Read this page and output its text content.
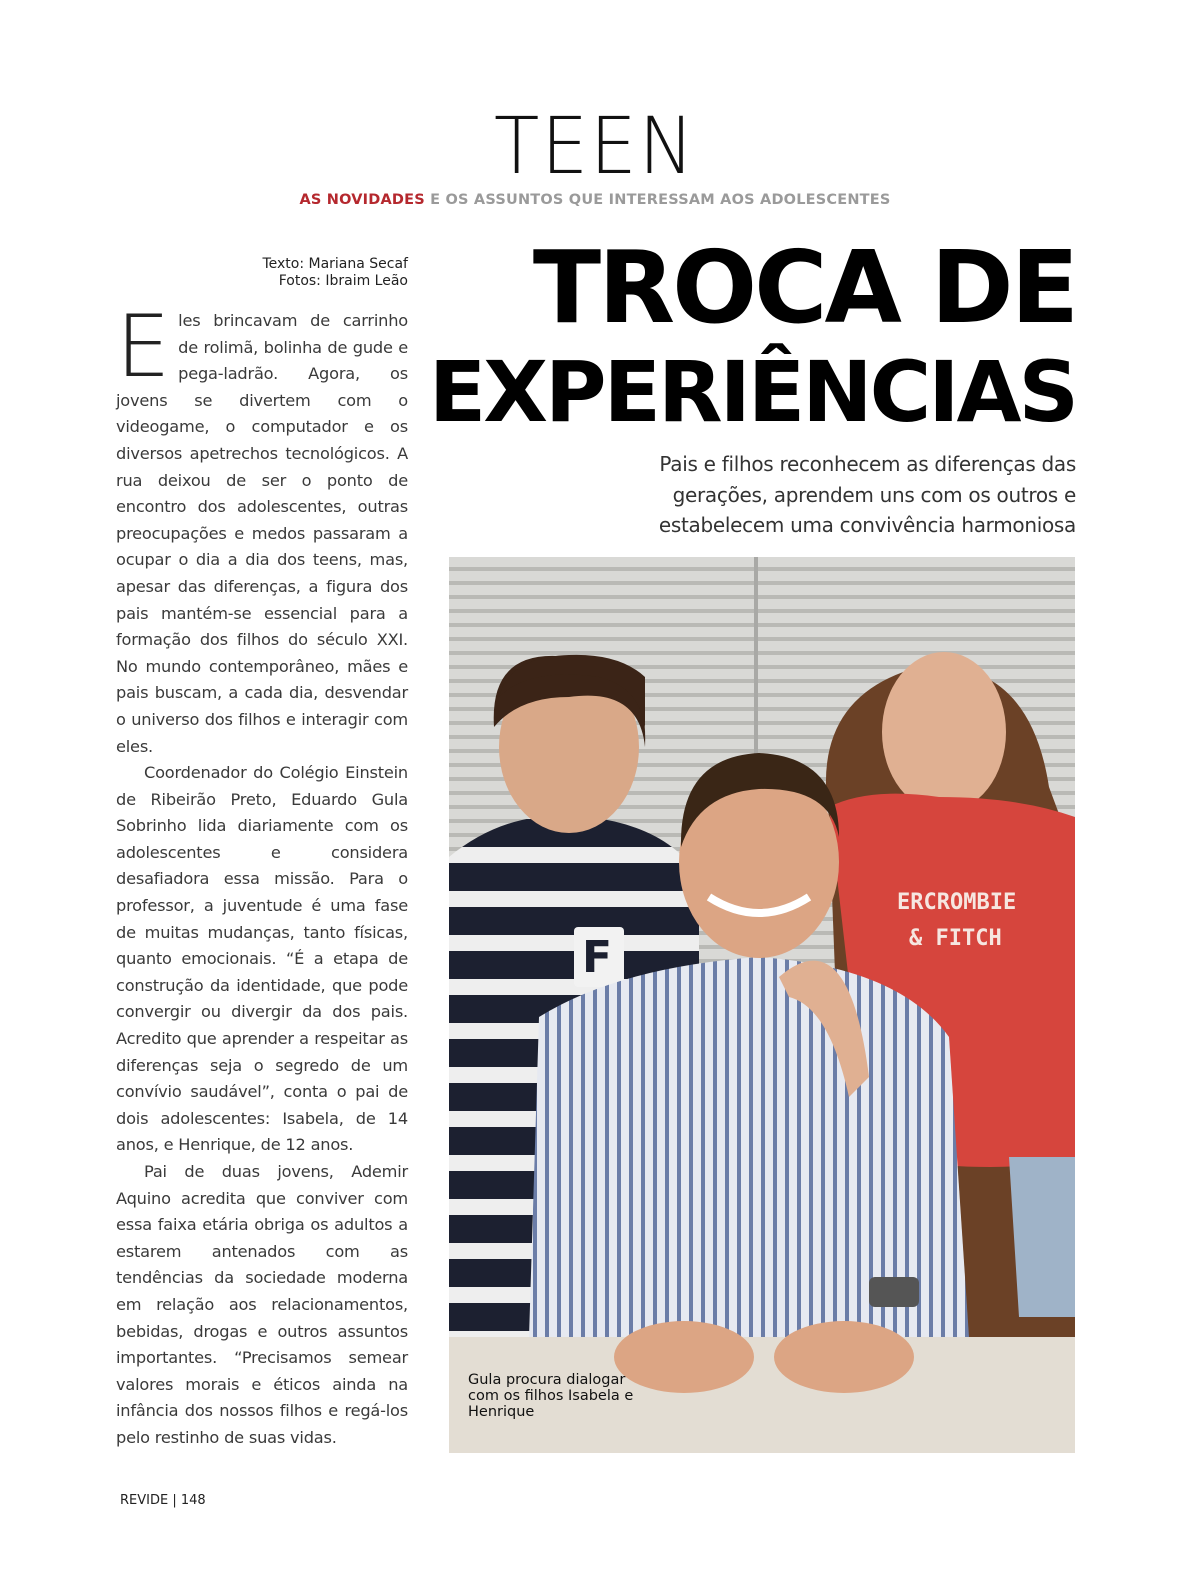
TEEN
AS NOVIDADES E OS ASSUNTOS QUE INTERESSAM AOS ADOLESCENTES
Texto: Mariana Secaf
Fotos: Ibraim Leão	TROCA DE
EXPERIÊNCIAS
Pais e filhos reconhecem as diferenças das gerações, aprendem uns com os outros e estabelecem uma convivência harmoniosa

Eles brincavam de carrinho de rolimã, bolinha de gude e pega-ladrão. Agora, os jovens se divertem com o videogame, o computador e os diversos apetrechos tecnológicos. A rua deixou de ser o ponto de encontro dos adolescentes, outras preocupações e medos passaram a ocupar o dia a dia dos teens, mas, apesar das diferenças, a figura dos pais mantém-se essencial para a formação dos filhos do século XXI. No mundo contemporâneo, mães e pais buscam, a cada dia, desvendar o universo dos filhos e interagir com eles.

Coordenador do Colégio Einstein de Ribeirão Preto, Eduardo Gula Sobrinho lida diariamente com os adolescentes e considera desafiadora essa missão. Para o professor, a juventude é uma fase de muitas mudanças, tanto físicas, quanto emocionais. “É a etapa de construção da identidade, que pode convergir ou divergir da dos pais. Acredito que aprender a respeitar as diferenças seja o segredo de um convívio saudável”, conta o pai de dois adolescentes: Isabela, de 14 anos, e Henrique, de 12 anos.

Pai de duas jovens, Ademir Aquino acredita que conviver com essa faixa etária obriga os adultos a estarem antenados com as tendências da sociedade moderna em relação aos relacionamentos, bebidas, drogas e outros assuntos importantes. “Precisamos semear valores morais e éticos ainda na infância dos nossos filhos e regá-los pelo restinho de suas vidas.

F
ERCROMBIE
& FITCH
Gula procura dialogar com os filhos Isabela e Henrique
REVIDE | 148
